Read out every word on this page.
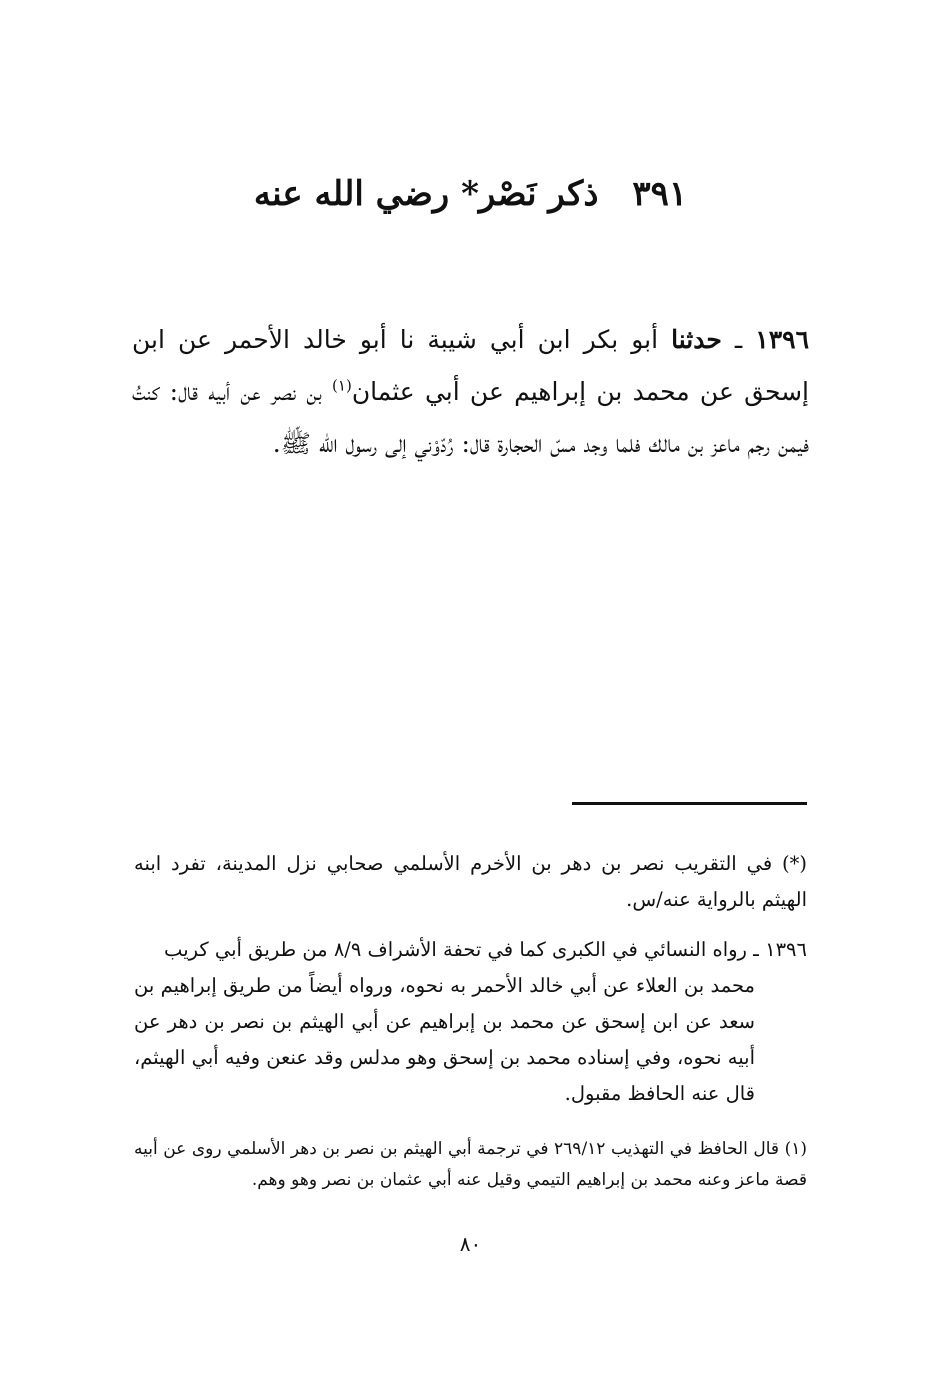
٣٩١ ذكر نَصْر* رضي الله عنه
١٣٩٦ ـ حدثنا أبو بكر ابن أبي شيبة نا أبو خالد الأحمر عن ابن إسحق عن محمد بن إبراهيم عن أبي عثمان$^{(١)}$ بن نصر عن أبيه قال: كنتُ فيمن رجم ماعز بن مالك فلما وجد مسّ الحجارة قال: رُدّوْني إلى رسول الله ﷺ.
(*) في التقريب نصر بن دهر بن الأخرم الأسلمي صحابي نزل المدينة، تفرد ابنه الهيثم بالرواية عنه/س.
١٣٩٦ ـ رواه النسائي في الكبرى كما في تحفة الأشراف ٨/٩ من طريق أبي كريب
محمد بن العلاء عن أبي خالد الأحمر به نحوه، ورواه أيضاً من طريق إبراهيم بن سعد عن ابن إسحق عن محمد بن إبراهيم عن أبي الهيثم بن نصر بن دهر عن أبيه نحوه، وفي إسناده محمد بن إسحق وهو مدلس وقد عنعن وفيه أبي الهيثم، قال عنه الحافظ مقبول.
(١) قال الحافظ في التهذيب ٢٦٩/١٢ في ترجمة أبي الهيثم بن نصر بن دهر الأسلمي روى عن أبيه قصة ماعز وعنه محمد بن إبراهيم التيمي وقيل عنه أبي عثمان بن نصر وهو وهم.
٨٠
